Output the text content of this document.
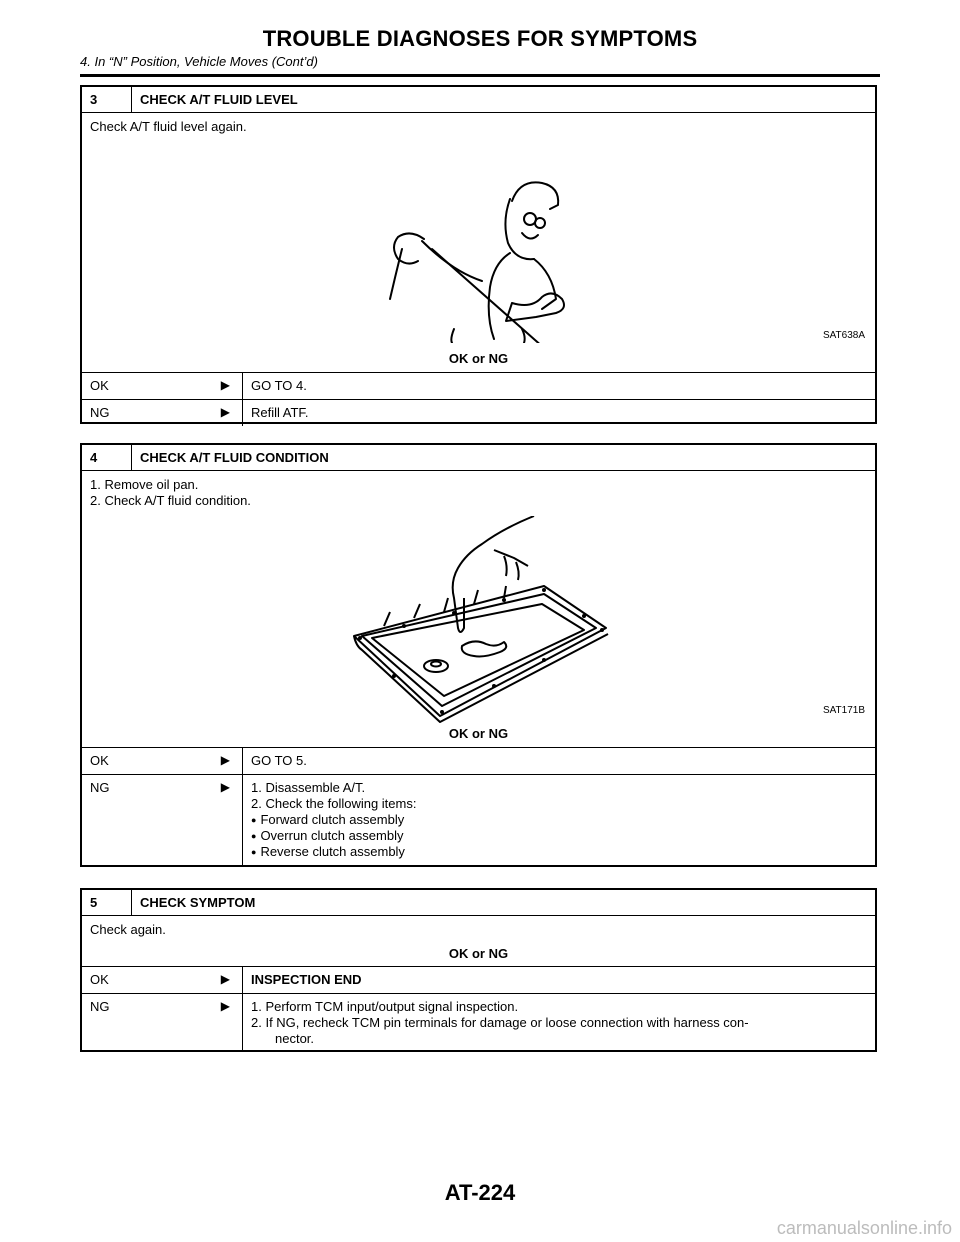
TROUBLE DIAGNOSES FOR SYMPTOMS
4. In “N” Position, Vehicle Moves (Cont’d)
3	CHECK A/T FLUID LEVEL
Check A/T fluid level again.
SAT638A
OK or NG
OK	▶	GO TO 4.
NG	▶	Refill ATF.
4	CHECK A/T FLUID CONDITION
1. Remove oil pan.
2. Check A/T fluid condition.
SAT171B
OK or NG
OK	▶	GO TO 5.
NG	▶ 1. Disassemble A/T.
2. Check the following items:
● Forward clutch assembly
● Overrun clutch assembly
● Reverse clutch assembly
5	CHECK SYMPTOM
Check again.
OK or NG
OK	▶	INSPECTION END
NG	▶ 1. Perform TCM input/output signal inspection.
2. If NG, recheck TCM pin terminals for damage or loose connection with harness con-
nector.
AT-224
carmanualsonline.info
